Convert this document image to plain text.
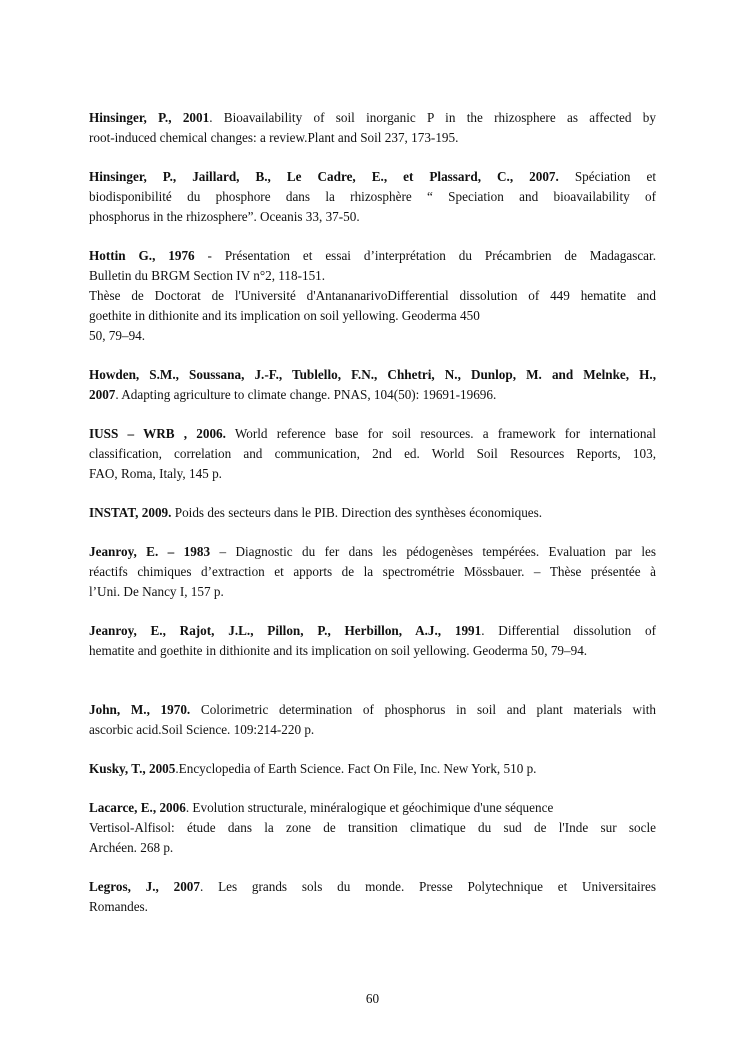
Hinsinger, P., 2001. Bioavailability of soil inorganic P in the rhizosphere as affected by
root-induced chemical changes: a review.Plant and Soil 237, 173-195.
Hinsinger, P., Jaillard, B., Le Cadre, E., et Plassard, C., 2007. Spéciation et
biodisponibilité du phosphore dans la rhizosphère “ Speciation and bioavailability of
phosphorus in the rhizosphere”. Oceanis 33, 37-50.
Hottin G., 1976 - Présentation et essai d’interprétation du Précambrien de Madagascar.
Bulletin du BRGM Section IV n°2, 118-151.
Thèse de Doctorat de l'Université d'AntananarivoDifferential dissolution of 449 hematite and
goethite in dithionite and its implication on soil yellowing. Geoderma 450
50, 79–94.
Howden, S.M., Soussana, J.-F., Tublello, F.N., Chhetri, N., Dunlop, M. and Melnke, H.,
2007. Adapting agriculture to climate change. PNAS, 104(50): 19691-19696.
IUSS – WRB , 2006. World reference base for soil resources. a framework for international
classification, correlation and communication, 2nd ed. World Soil Resources Reports, 103,
FAO, Roma, Italy, 145 p.
INSTAT, 2009. Poids des secteurs dans le PIB. Direction des synthèses économiques.
Jeanroy, E. – 1983 – Diagnostic du fer dans les pédogenèses tempérées. Evaluation par les
réactifs chimiques d’extraction et apports de la spectrométrie Mössbauer. – Thèse présentée à
l’Uni. De Nancy I, 157 p.
Jeanroy, E., Rajot, J.L., Pillon, P., Herbillon, A.J., 1991. Differential dissolution of
hematite and goethite in dithionite and its implication on soil yellowing. Geoderma 50, 79–94.
John, M., 1970. Colorimetric determination of phosphorus in soil and plant materials with
ascorbic acid.Soil Science. 109:214-220 p.
Kusky, T., 2005.Encyclopedia of Earth Science. Fact On File, Inc. New York, 510 p.
Lacarce, E., 2006. Evolution structurale, minéralogique et géochimique d'une séquence
Vertisol-Alfisol: étude dans la zone de transition climatique du sud de l'Inde sur socle
Archéen. 268 p.
Legros, J., 2007. Les grands sols du monde. Presse Polytechnique et Universitaires
Romandes.
60
